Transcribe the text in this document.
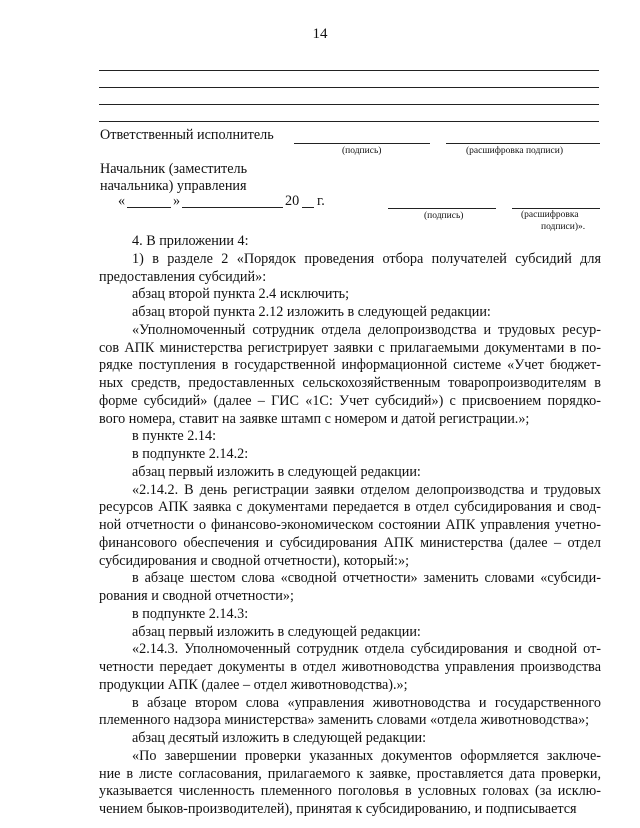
14
Ответственный исполнитель
(подпись)	(расшифровка подписи)
Начальник (заместитель
начальника) управления
«	»	20 г.
(подпись)	(расшифровка
подписи)».
4. В приложении 4:
1) в разделе 2 «Порядок проведения отбора получателей субсидий для
предоставления субсидий»:
абзац второй пункта 2.4 исключить;
абзац второй пункта 2.12 изложить в следующей редакции:
«Уполномоченный сотрудник отдела делопроизводства и трудовых ресур-
сов АПК министерства регистрирует заявки с прилагаемыми документами в по-
рядке поступления в государственной информационной системе «Учет бюджет-
ных средств, предоставленных сельскохозяйственным товаропроизводителям в
форме субсидий» (далее – ГИС «1С: Учет субсидий») с присвоением порядко-
вого номера, ставит на заявке штамп с номером и датой регистрации.»;
в пункте 2.14:
в подпункте 2.14.2:
абзац первый изложить в следующей редакции:
«2.14.2. В день регистрации заявки отделом делопроизводства и трудовых
ресурсов АПК заявка с документами передается в отдел субсидирования и свод-
ной отчетности о финансово-экономическом состоянии АПК управления учетно-
финансового обеспечения и субсидирования АПК министерства (далее – отдел
субсидирования и сводной отчетности), который:»;
в абзаце шестом слова «сводной отчетности» заменить словами «субсиди-
рования и сводной отчетности»;
в подпункте 2.14.3:
абзац первый изложить в следующей редакции:
«2.14.3. Уполномоченный сотрудник отдела субсидирования и сводной от-
четности передает документы в отдел животноводства управления производства
продукции АПК (далее – отдел животноводства).»;
в абзаце втором слова «управления животноводства и государственного
племенного надзора министерства» заменить словами «отдела животноводства»;
абзац десятый изложить в следующей редакции:
«По завершении проверки указанных документов оформляется заключе-
ние в листе согласования, прилагаемого к заявке, проставляется дата проверки,
указывается численность племенного поголовья в условных головах (за исклю-
чением быков-производителей), принятая к субсидированию, и подписывается
